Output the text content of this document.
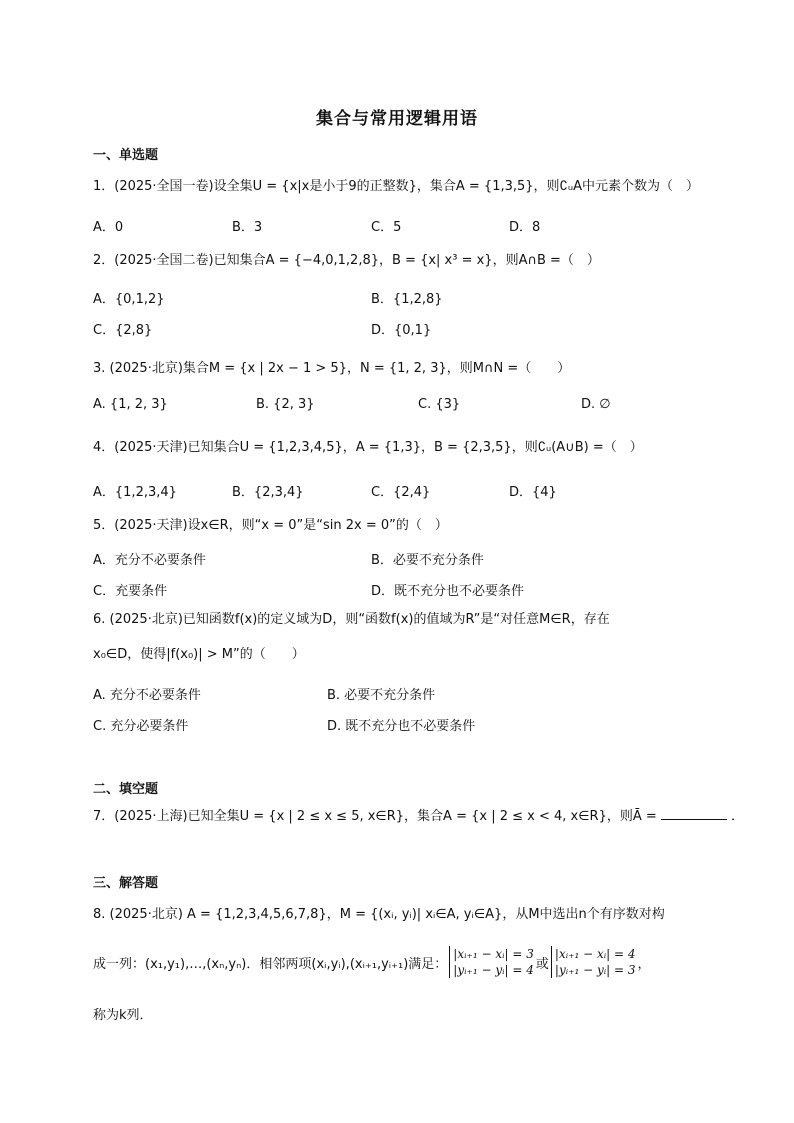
集合与常用逻辑用语
一、单选题
1．(2025·全国一卷)设全集U = {x|x是小于9的正整数}，集合A = {1,3,5}，则∁ᵤA中元素个数为（　）
A．0	B．3	C．5	D．8
2．(2025·全国二卷)已知集合A = {−4,0,1,2,8}，B = {x| x³ = x}，则A∩B =（　）
A．{0,1,2}	B．{1,2,8}
C．{2,8}	D．{0,1}
3. (2025·北京)集合M = {x | 2x − 1 > 5}，N = {1, 2, 3}，则M∩N =（　　）
A. {1, 2, 3}	B. {2, 3}	C. {3}	D. ∅
4．(2025·天津)已知集合U = {1,2,3,4,5}，A = {1,3}，B = {2,3,5}，则∁ᵤ(A∪B) =（　）
A．{1,2,3,4}	B．{2,3,4}	C．{2,4}	D．{4}
5．(2025·天津)设x∈R，则“x = 0”是“sin 2x = 0”的（　）
A．充分不必要条件	B．必要不充分条件
C．充要条件	D．既不充分也不必要条件
6. (2025·北京)已知函数f(x)的定义域为D，则“函数f(x)的值域为R”是“对任意M∈R，存在
x₀∈D，使得|f(x₀)| > M”的（　　）
A. 充分不必要条件	B. 必要不充分条件
C. 充分必要条件	D. 既不充分也不必要条件
二、填空题
7．(2025·上海)已知全集U = {x | 2 ≤ x ≤ 5, x∈R}，集合A = {x | 2 ≤ x < 4, x∈R}，则Ā =	．
三、解答题
8. (2025·北京) A = {1,2,3,4,5,6,7,8}，M = {(xᵢ, yᵢ)| xᵢ∈A, yᵢ∈A}，从M中选出n个有序数对构
成一列：(x₁,y₁),…,(xₙ,yₙ)．相邻两项(xᵢ,yᵢ),(xᵢ₊₁,yᵢ₊₁)满足：
|xᵢ₊₁ − xᵢ| = 3
|yᵢ₊₁ − yᵢ| = 4 或
|xᵢ₊₁ − xᵢ| = 4
|yᵢ₊₁ − yᵢ| = 3 ，
称为k列．
